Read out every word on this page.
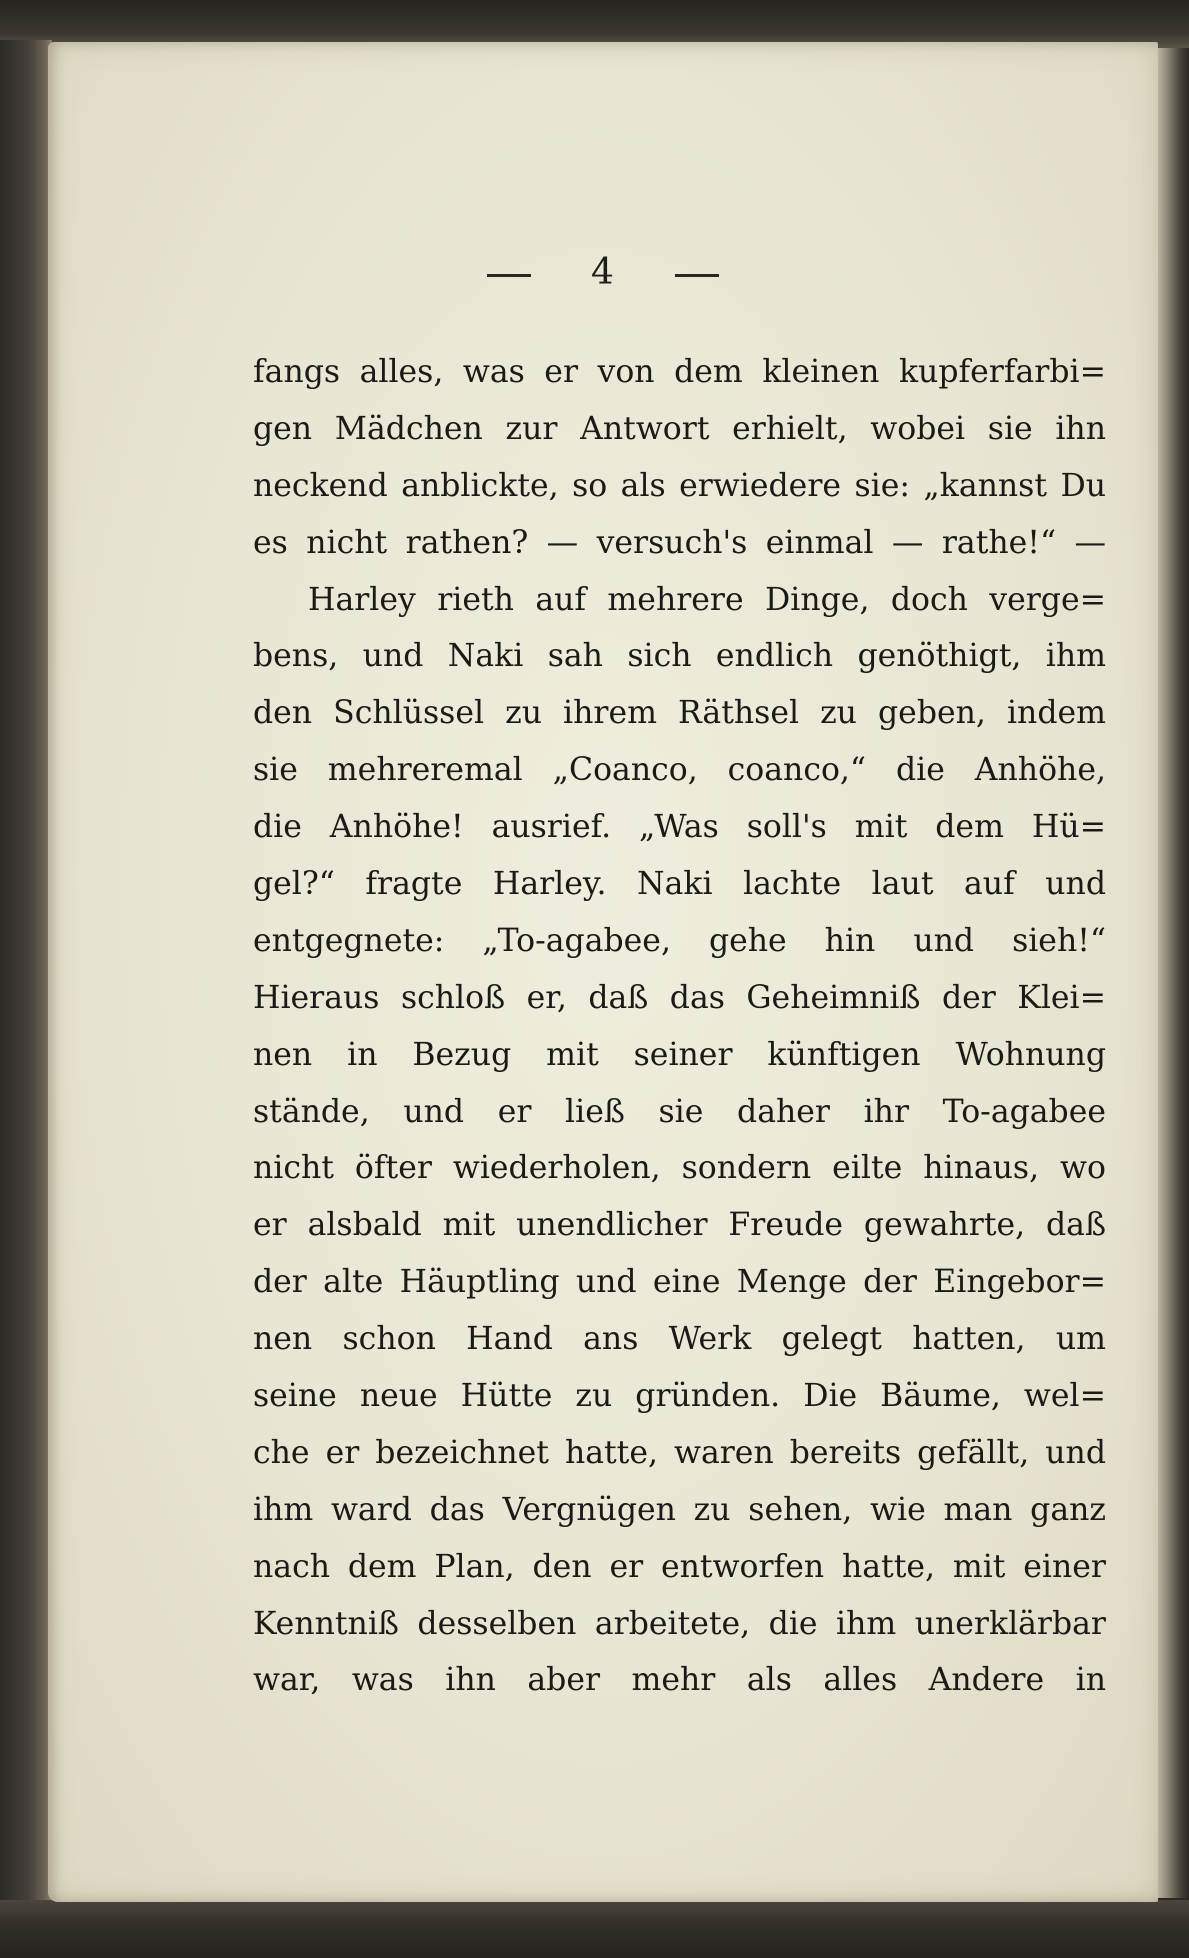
4
fangs alles, was er von dem kleinen kupferfarbi=
gen Mädchen zur Antwort erhielt, wobei sie ihn
neckend anblickte, so als erwiedere sie: „kannst Du
es nicht rathen? — versuch's einmal — rathe!“ —
Harley rieth auf mehrere Dinge, doch verge=
bens, und Naki sah sich endlich genöthigt, ihm
den Schlüssel zu ihrem Räthsel zu geben, indem
sie mehreremal „Coanco, coanco,“ die Anhöhe,
die Anhöhe! ausrief. „Was soll's mit dem Hü=
gel?“ fragte Harley. Naki lachte laut auf und
entgegnete: „To-agabee, gehe hin und sieh!“
Hieraus schloß er, daß das Geheimniß der Klei=
nen in Bezug mit seiner künftigen Wohnung
stände, und er ließ sie daher ihr To-agabee
nicht öfter wiederholen, sondern eilte hinaus, wo
er alsbald mit unendlicher Freude gewahrte, daß
der alte Häuptling und eine Menge der Eingebor=
nen schon Hand ans Werk gelegt hatten, um
seine neue Hütte zu gründen. Die Bäume, wel=
che er bezeichnet hatte, waren bereits gefällt, und
ihm ward das Vergnügen zu sehen, wie man ganz
nach dem Plan, den er entworfen hatte, mit einer
Kenntniß desselben arbeitete, die ihm unerklärbar
war, was ihn aber mehr als alles Andere in
